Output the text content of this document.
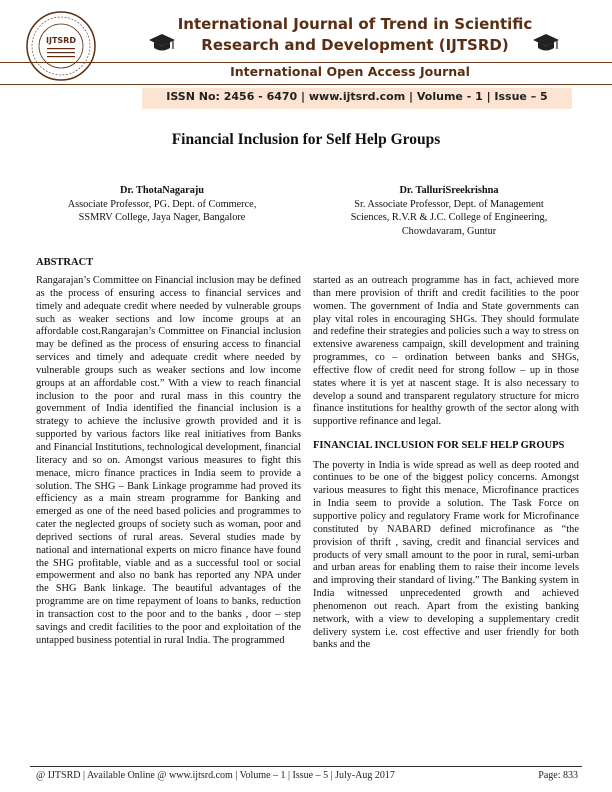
IJTSRD
International Journal of Trend in Scientific
Research and Development (IJTSRD)
International Open Access Journal
ISSN No: 2456 - 6470 | www.ijtsrd.com | Volume - 1 | Issue – 5
Financial Inclusion for Self Help Groups
Dr. ThotaNagaraju
Associate Professor, PG. Dept. of Commerce,
SSMRV College, Jaya Nager, Bangalore
Dr. TalluriSreekrishna
Sr. Associate Professor, Dept. of Management
Sciences, R.V.R & J.C. College of Engineering,
Chowdavaram, Guntur
ABSTRACT

Rangarajan’s Committee on Financial inclusion may be defined as the process of ensuring access to financial services and timely and adequate credit where needed by vulnerable groups such as weaker sections and low income groups at an affordable cost.Rangarajan’s Committee on Financial inclusion may be defined as the process of ensuring access to financial services and timely and adequate credit where needed by vulnerable groups such as weaker sections and low income groups at an affordable cost.” With a view to reach financial inclusion to the poor and rural mass in this country the government of India identified the financial inclusion is a strategy to achieve the inclusive growth provided and it is supported by various factors like real initiatives from Banks and Financial Institutions, technological development, financial literacy and so on. Amongst various measures to fight this menace, micro finance practices in India seem to provide a solution. The SHG – Bank Linkage programme had proved its efficiency as a main stream programme for Banking and emerged as one of the need based policies and programmes to cater the neglected groups of society such as woman, poor and deprived sections of rural areas. Several studies made by national and international experts on micro finance have found the SHG profitable, viable and as a successful tool or social empowerment and also no bank has reported any NPA under the SHG Bank linkage. The beautiful advantages of the programme are on time repayment of loans to banks, reduction in transaction cost to the poor and to the banks , door – step savings and credit facilities to the poor and exploitation of the untapped business potential in rural India. The programmed

started as an outreach programme has in fact, achieved more than mere provision of thrift and credit facilities to the poor women. The government of India and State governments can play vital roles in encouraging SHGs. They should formulate and redefine their strategies and policies such a way to stress on extensive awareness campaign, skill development and training programmes, co – ordination between banks and SHGs, effective flow of credit need for strong follow – up in those states where it is yet at nascent stage. It is also necessary to develop a sound and transparent regulatory structure for micro finance institutions for healthy growth of the sector along with supportive refinance and legal.

FINANCIAL INCLUSION FOR SELF HELP GROUPS

The poverty in India is wide spread as well as deep rooted and continues to be one of the biggest policy concerns. Amongst various measures to fight this menace, Microfinance practices in India seem to provide a solution. The Task Force on supportive policy and regulatory Frame work for Microfinance constituted by NABARD defined microfinance as “the provision of thrift , saving, credit and financial services and products of very small amount to the poor in rural, semi-urban and urban areas for enabling them to raise their income levels and improving their standard of living.” The Banking system in India witnessed unprecedented growth and achieved phenomenon out reach. Apart from the existing banking network, with a view to developing a supplementary credit delivery system i.e. cost effective and user friendly for both banks and the

@ IJTSRD | Available Online @ www.ijtsrd.com | Volume – 1 | Issue – 5 | July-Aug 2017	Page: 833
